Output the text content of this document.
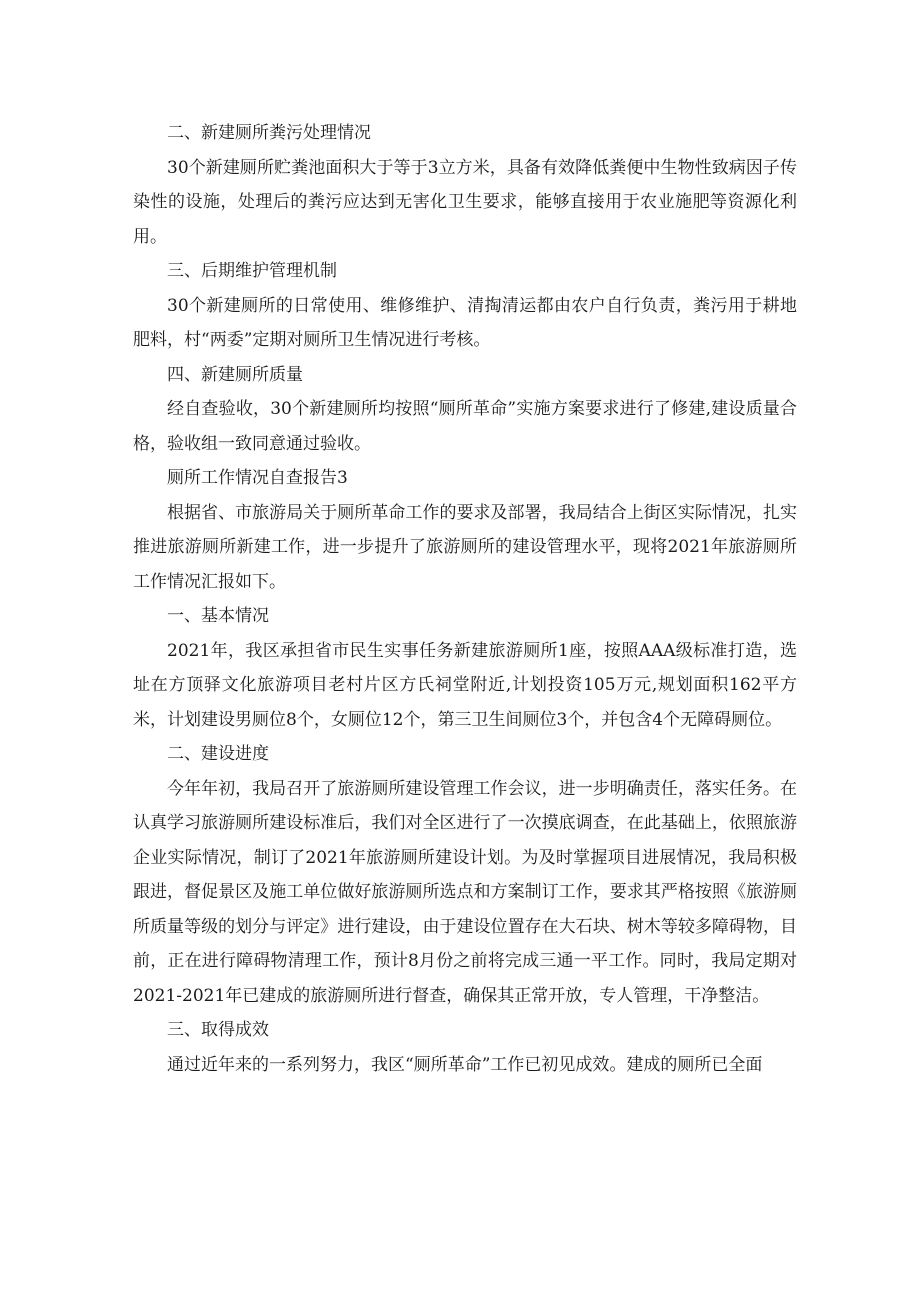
二、新建厕所粪污处理情况

30个新建厕所贮粪池面积大于等于3立方米，具备有效降低粪便中生物性致病因子传染性的设施，处理后的粪污应达到无害化卫生要求，能够直接用于农业施肥等资源化利用。

三、后期维护管理机制

30个新建厕所的日常使用、维修维护、清掏清运都由农户自行负责，粪污用于耕地肥料，村“两委”定期对厕所卫生情况进行考核。

四、新建厕所质量

经自查验收，30个新建厕所均按照“厕所革命”实施方案要求进行了修建,建设质量合格，验收组一致同意通过验收。

厕所工作情况自查报告3

根据省、市旅游局关于厕所革命工作的要求及部署，我局结合上街区实际情况，扎实推进旅游厕所新建工作，进一步提升了旅游厕所的建设管理水平，现将2021年旅游厕所工作情况汇报如下。

一、基本情况

2021年，我区承担省市民生实事任务新建旅游厕所1座，按照AAA级标准打造，选址在方顶驿文化旅游项目老村片区方氏祠堂附近,计划投资105万元,规划面积162平方米，计划建设男厕位8个，女厕位12个，第三卫生间厕位3个，并包含4个无障碍厕位。

二、建设进度

今年年初，我局召开了旅游厕所建设管理工作会议，进一步明确责任，落实任务。在认真学习旅游厕所建设标准后，我们对全区进行了一次摸底调查，在此基础上，依照旅游企业实际情况，制订了2021年旅游厕所建设计划。为及时掌握项目进展情况，我局积极跟进，督促景区及施工单位做好旅游厕所选点和方案制订工作，要求其严格按照《旅游厕所质量等级的划分与评定》进行建设，由于建设位置存在大石块、树木等较多障碍物，目前，正在进行障碍物清理工作，预计8月份之前将完成三通一平工作。同时，我局定期对2021-2021年已建成的旅游厕所进行督查，确保其正常开放，专人管理，干净整洁。

三、取得成效

通过近年来的一系列努力，我区“厕所革命”工作已初见成效。建成的厕所已全面
